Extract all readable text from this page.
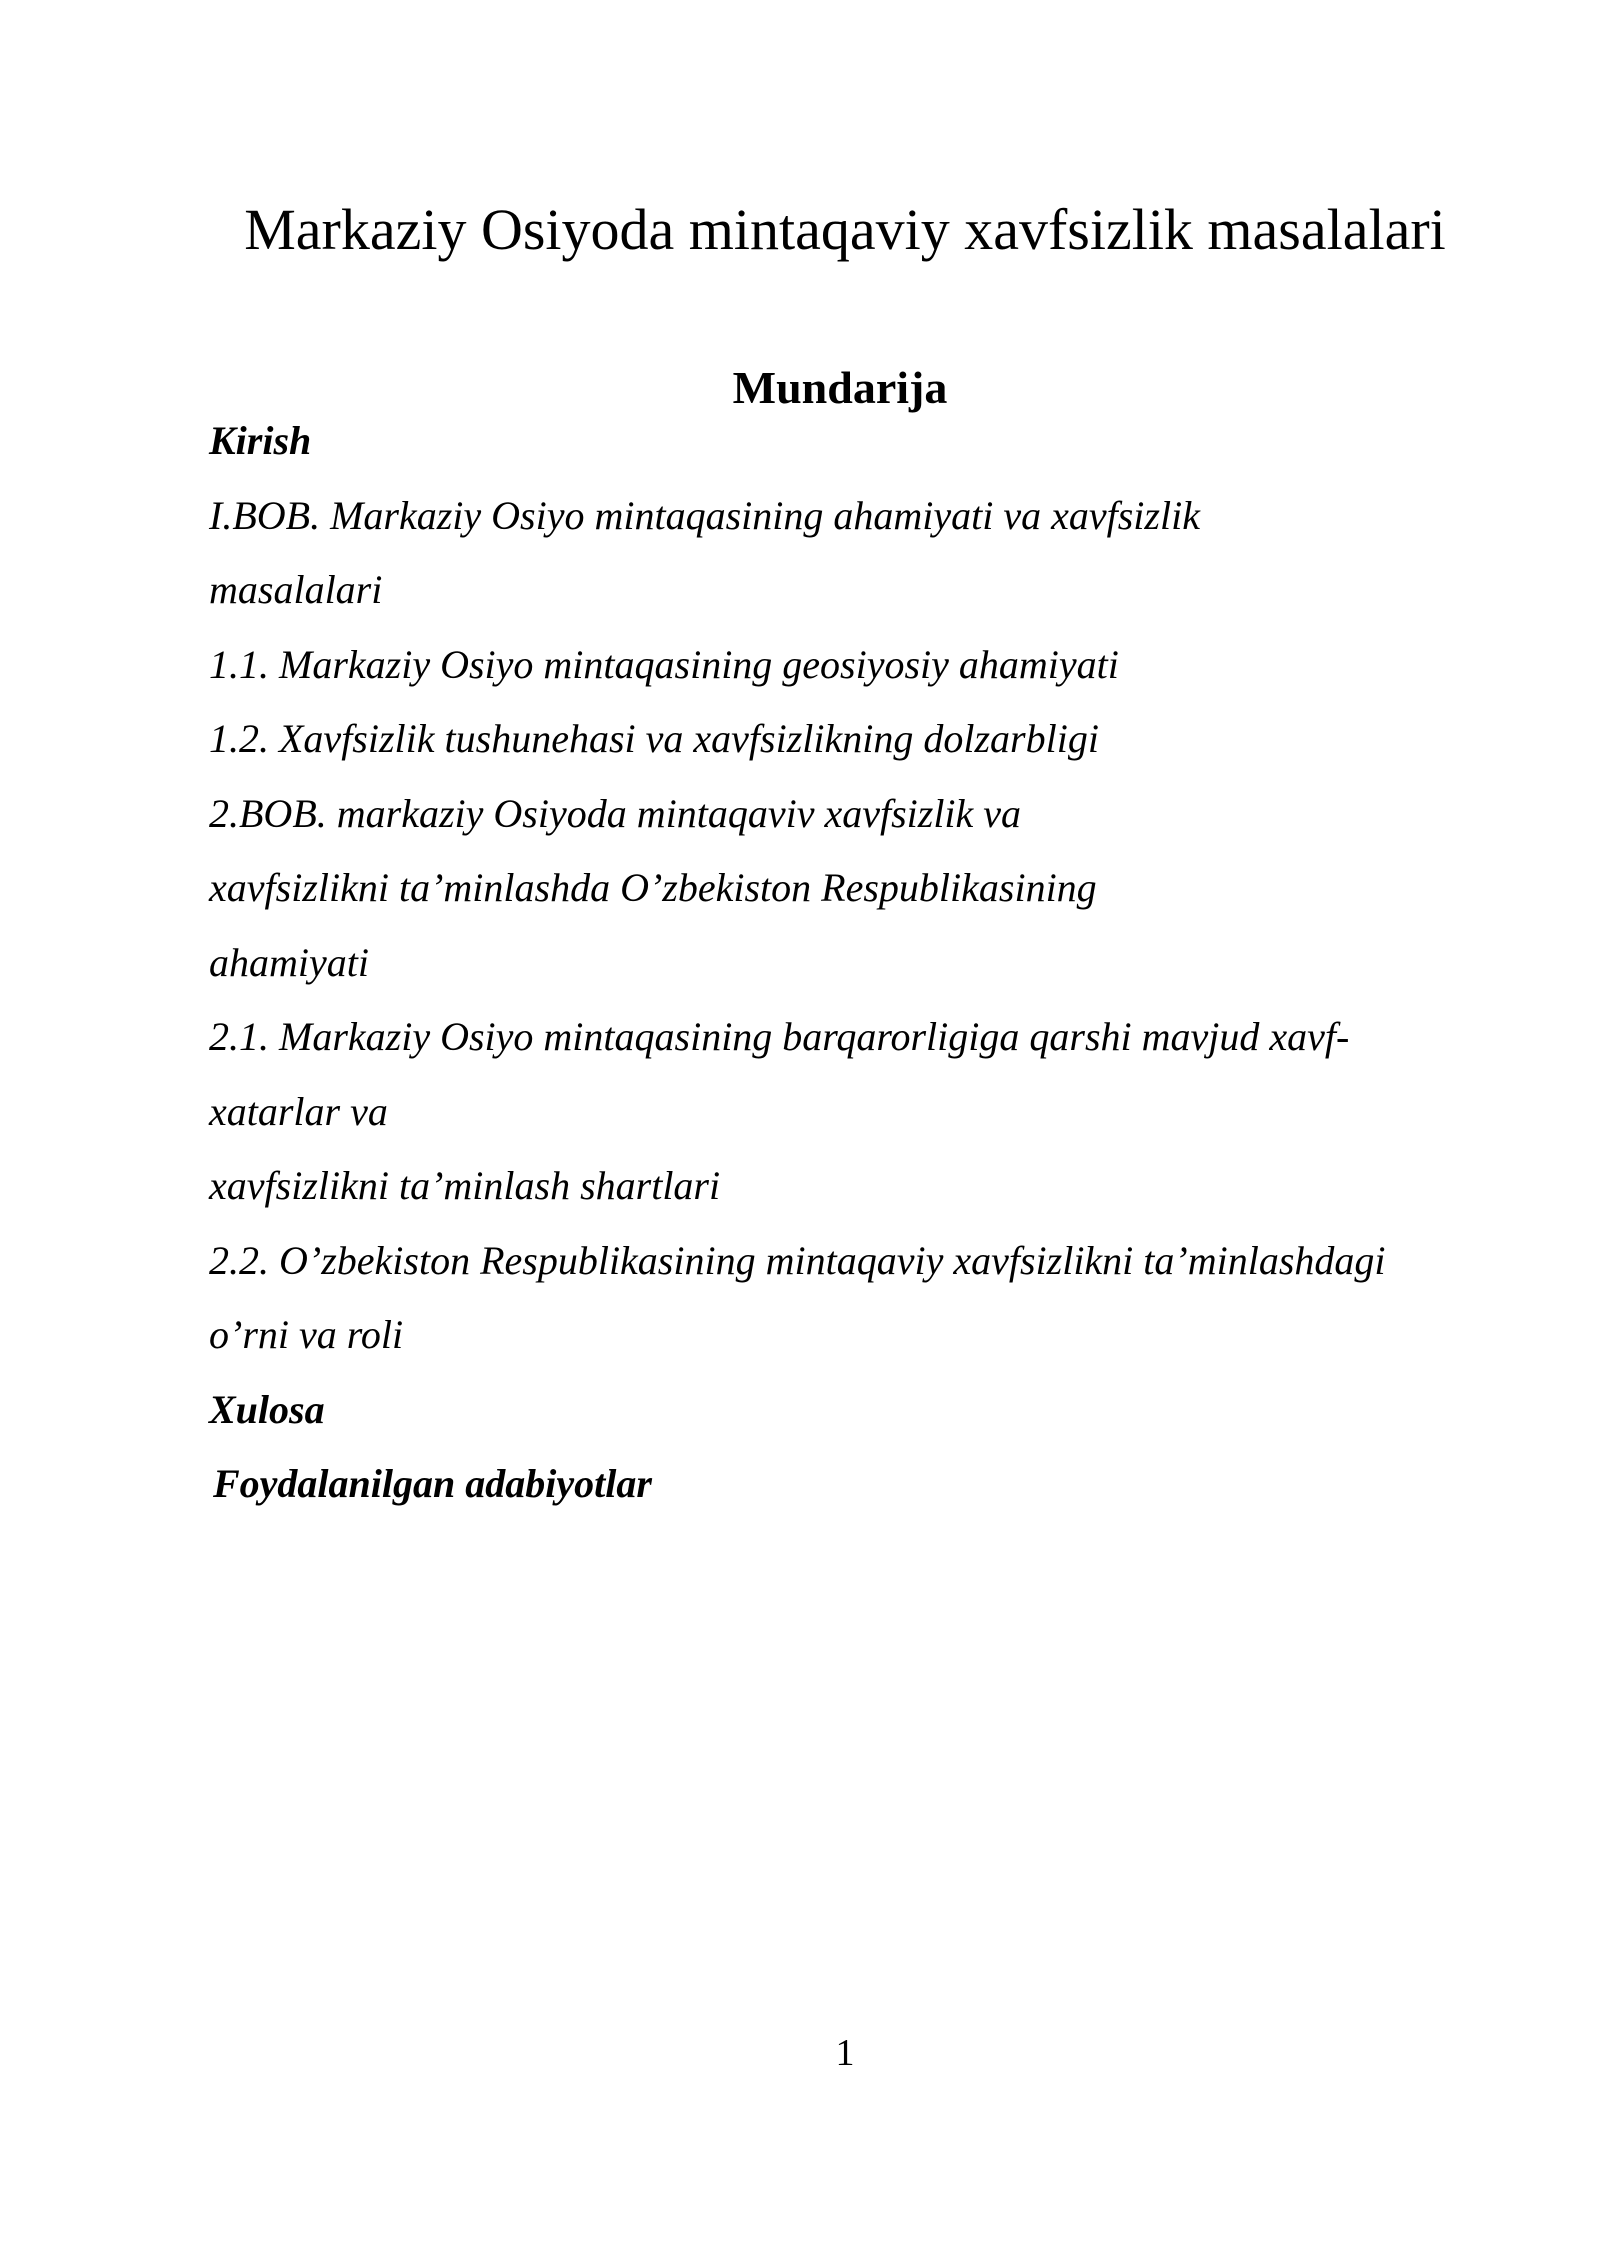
Markaziy Osiyoda mintaqaviy xavfsizlik masalalari
Mundarija
Kirish
I.BOB. Markaziy Osiyo mintaqasining ahamiyati va xavfsizlik
masalalari
1.1. Markaziy Osiyo mintaqasining geosiyosiy ahamiyati
1.2. Xavfsizlik tushunehasi va xavfsizlikning dolzarbligi
2.BOB. markaziy Osiyoda mintaqaviv xavfsizlik va
xavfsizlikni ta’minlashda O’zbekiston Respublikasining
ahamiyati
2.1. Markaziy Osiyo mintaqasining barqarorligiga qarshi mavjud xavf-
xatarlar va
xavfsizlikni ta’minlash shartlari
2.2. O’zbekiston Respublikasining mintaqaviy xavfsizlikni ta’minlashdagi
o’rni va roli
Xulosa
Foydalanilgan adabiyotlar
1
